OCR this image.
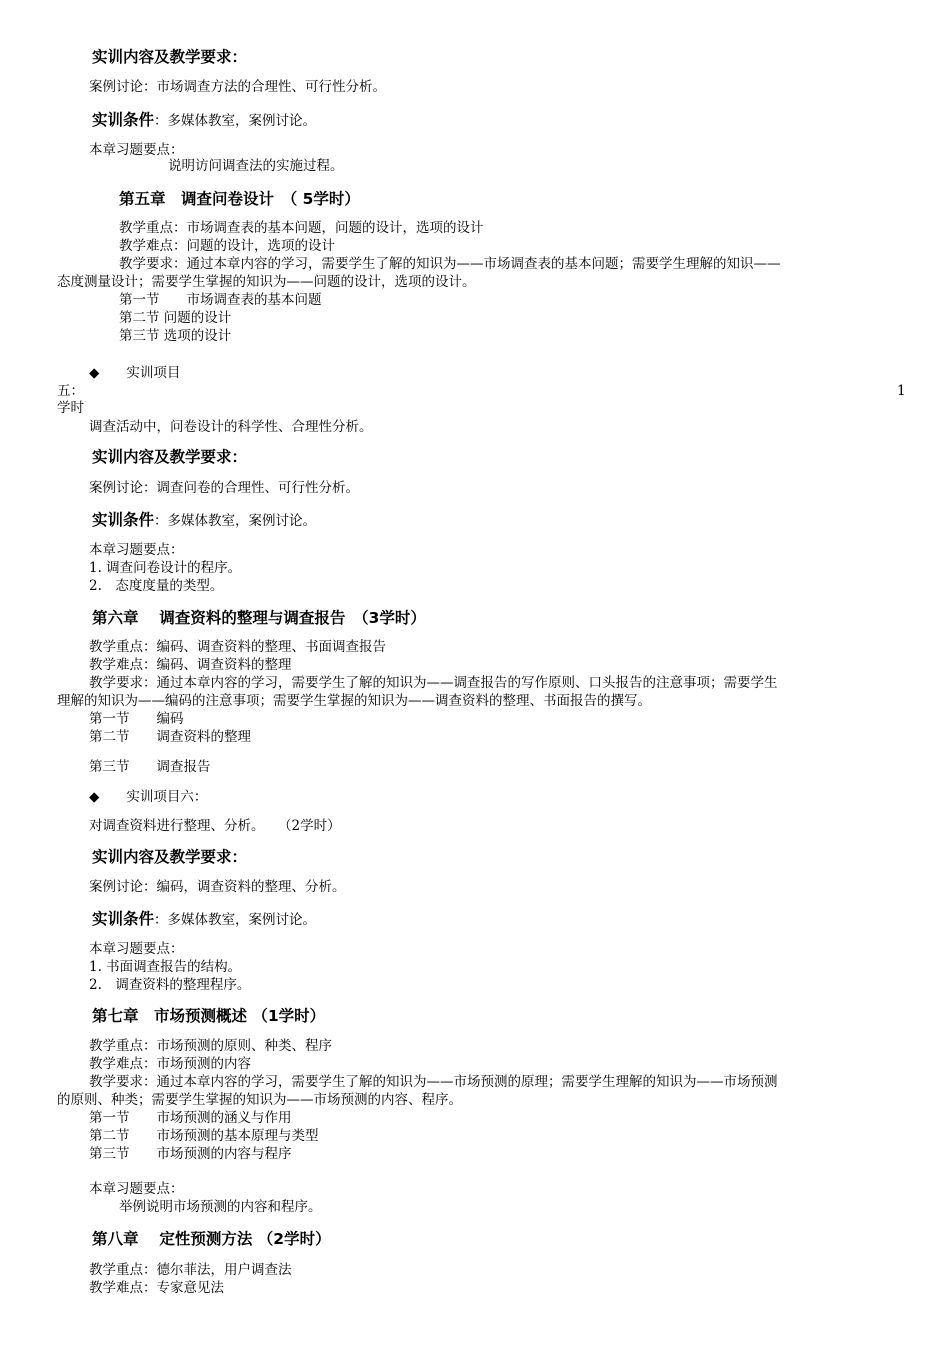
实训内容及教学要求：
案例讨论：市场调查方法的合理性、可行性分析。
实训条件：多媒体教室，案例讨论。
本章习题要点：
说明访问调查法的实施过程。
第五章　调查问卷设计　（ 5学时）
教学重点：市场调查表的基本问题，问题的设计，选项的设计
教学难点：问题的设计，选项的设计
教学要求：通过本章内容的学习，需要学生了解的知识为——市场调查表的基本问题；需要学生理解的知识——
态度测量设计；需要学生掌握的知识为——问题的设计，选项的设计。
第一节　　市场调查表的基本问题
第二节 问题的设计
第三节 选项的设计
◆　　实训项目
五：	1
学时
调查活动中，问卷设计的科学性、合理性分析。
实训内容及教学要求：
案例讨论：调查问卷的合理性、可行性分析。
实训条件：多媒体教室，案例讨论。
本章习题要点：
1. 调查问卷设计的程序。
2.　态度度量的类型。
第六章　 调查资料的整理与调查报告　（3学时）
教学重点：编码、调查资料的整理、书面调查报告
教学难点：编码、调查资料的整理
教学要求：通过本章内容的学习，需要学生了解的知识为——调查报告的写作原则、口头报告的注意事项；需要学生
理解的知识为——编码的注意事项；需要学生掌握的知识为——调查资料的整理、书面报告的撰写。
第一节　　编码
第二节　　调查资料的整理
第三节　　调查报告
◆　　实训项目六：
对调查资料进行整理、分析。　　（2学时）
实训内容及教学要求：
案例讨论：编码，调查资料的整理、分析。
实训条件：多媒体教室，案例讨论。
本章习题要点：
1. 书面调查报告的结构。
2.　调查资料的整理程序。
第七章　市场预测概述 （1学时）
教学重点：市场预测的原则、种类、程序
教学难点：市场预测的内容
教学要求：通过本章内容的学习，需要学生了解的知识为——市场预测的原理；需要学生理解的知识为——市场预测
的原则、种类；需要学生掌握的知识为——市场预测的内容、程序。
第一节　　市场预测的涵义与作用
第二节　　市场预测的基本原理与类型
第三节　　市场预测的内容与程序
本章习题要点：
举例说明市场预测的内容和程序。
第八章　 定性预测方法 （2学时）
教学重点：德尔菲法，用户调查法
教学难点：专家意见法
